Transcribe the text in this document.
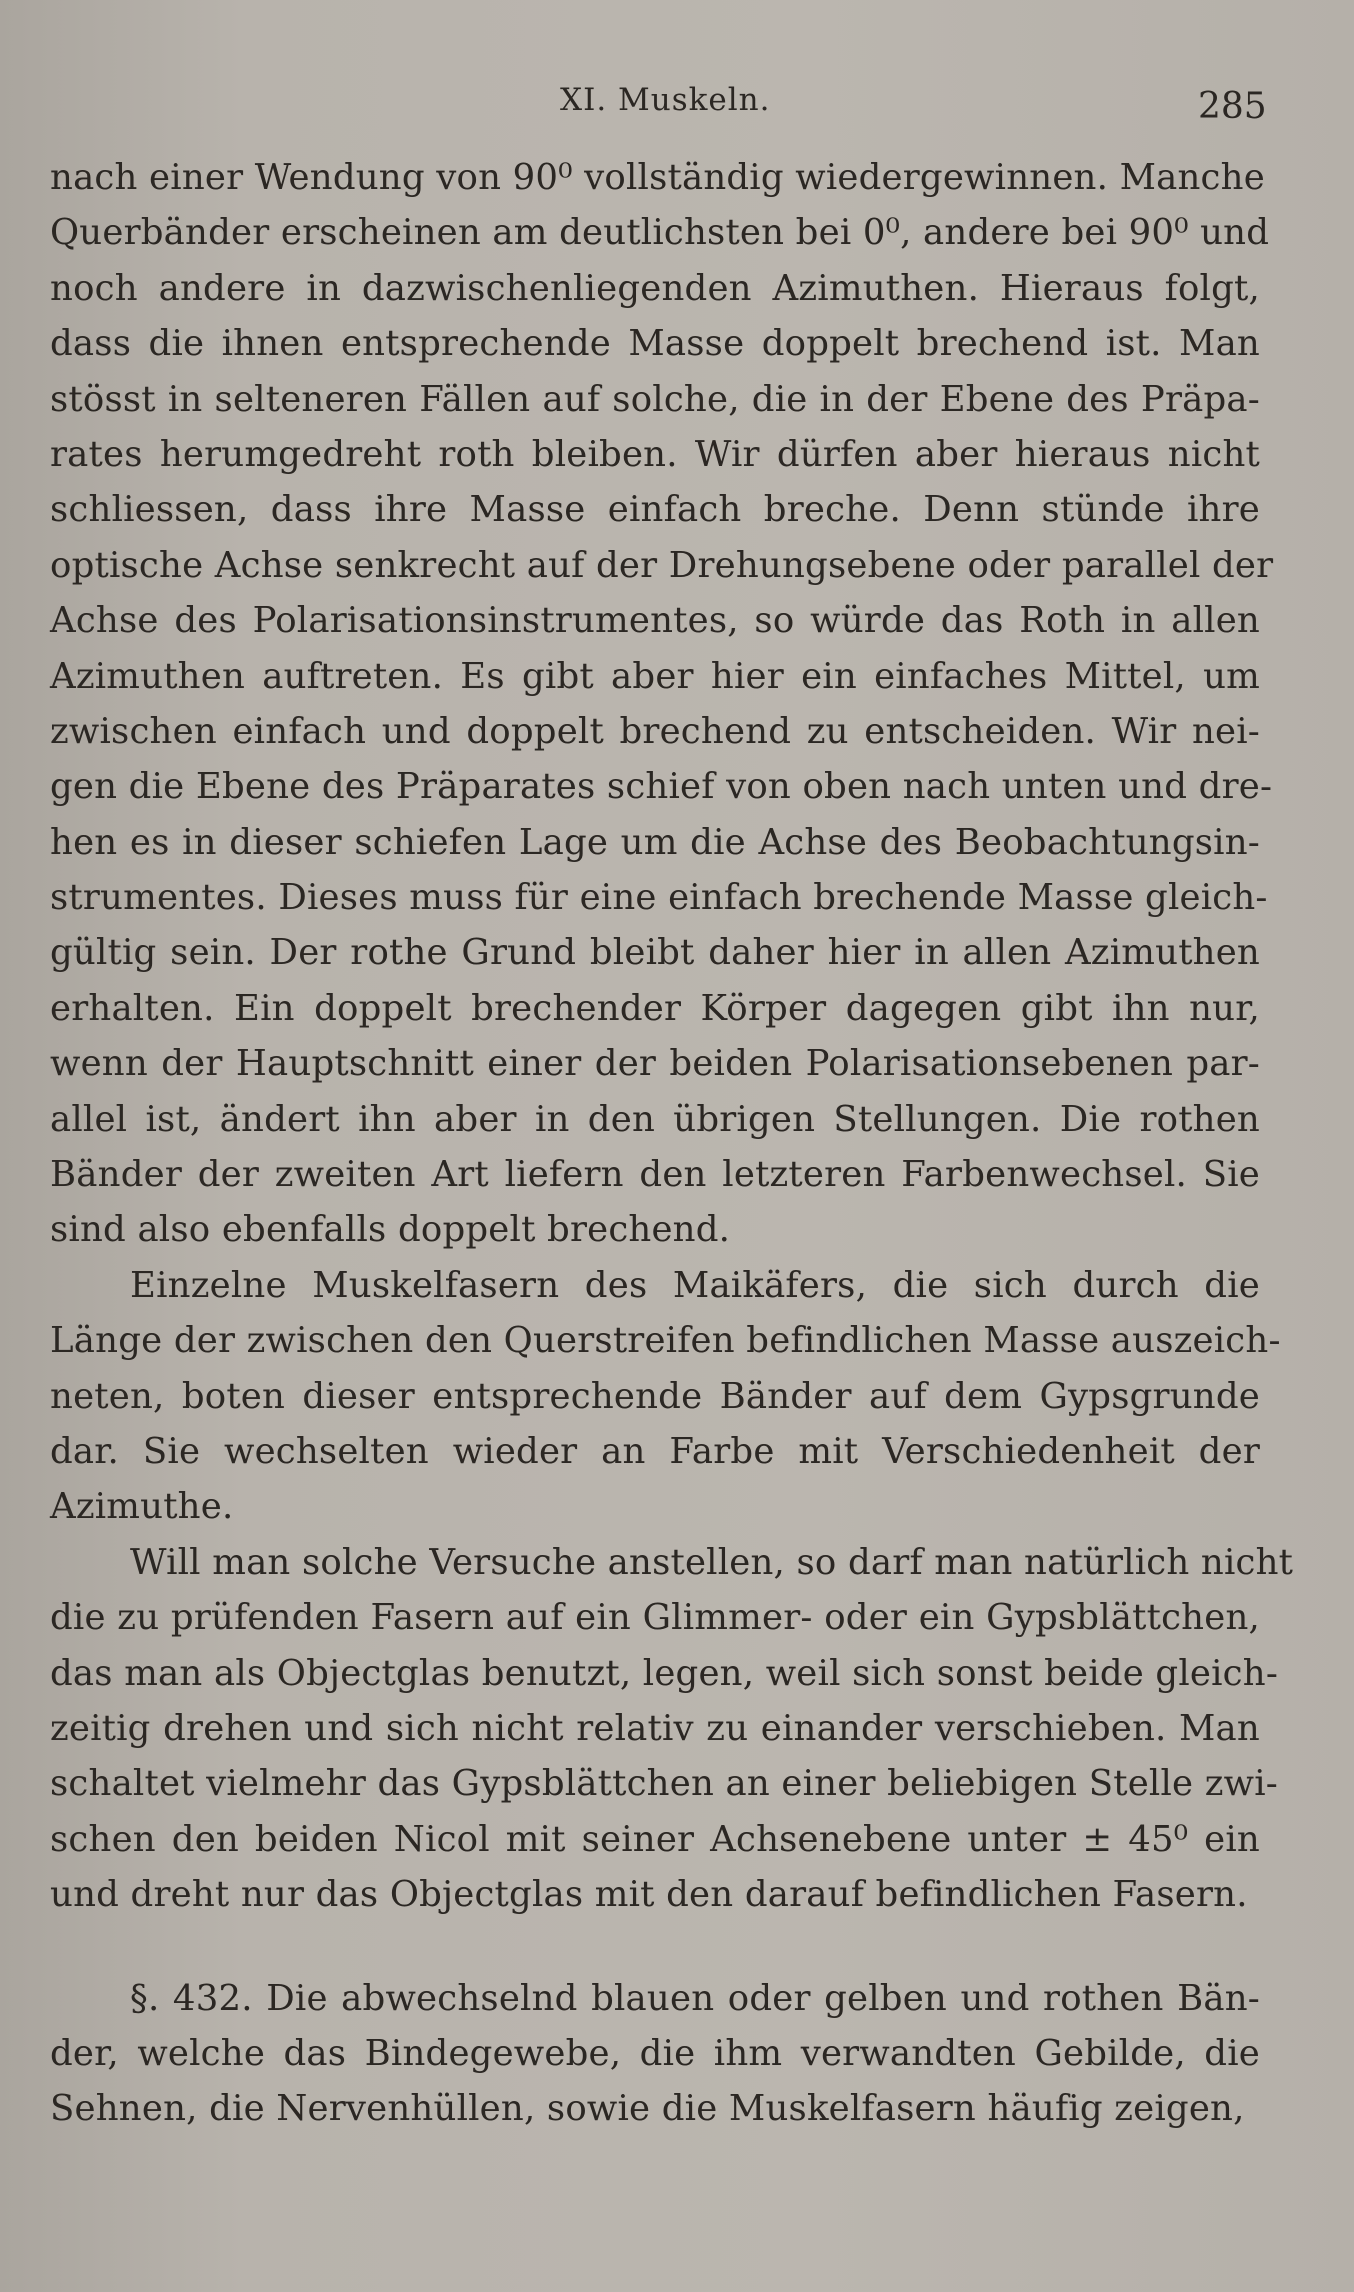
XI. Muskeln.	285
nach einer Wendung von 90⁰ vollständig wiedergewinnen. Manche
Querbänder erscheinen am deutlichsten bei 0⁰, andere bei 90⁰ und
noch andere in dazwischenliegenden Azimuthen. Hieraus folgt,
dass die ihnen entsprechende Masse doppelt brechend ist. Man
stösst in selteneren Fällen auf solche, die in der Ebene des Präpa-
rates herumgedreht roth bleiben. Wir dürfen aber hieraus nicht
schliessen, dass ihre Masse einfach breche. Denn stünde ihre
optische Achse senkrecht auf der Drehungsebene oder parallel der
Achse des Polarisationsinstrumentes, so würde das Roth in allen
Azimuthen auftreten. Es gibt aber hier ein einfaches Mittel, um
zwischen einfach und doppelt brechend zu entscheiden. Wir nei-
gen die Ebene des Präparates schief von oben nach unten und dre-
hen es in dieser schiefen Lage um die Achse des Beobachtungsin-
strumentes. Dieses muss für eine einfach brechende Masse gleich-
gültig sein. Der rothe Grund bleibt daher hier in allen Azimuthen
erhalten. Ein doppelt brechender Körper dagegen gibt ihn nur,
wenn der Hauptschnitt einer der beiden Polarisationsebenen par-
allel ist, ändert ihn aber in den übrigen Stellungen. Die rothen
Bänder der zweiten Art liefern den letzteren Farbenwechsel. Sie
sind also ebenfalls doppelt brechend.
Einzelne Muskelfasern des Maikäfers, die sich durch die
Länge der zwischen den Querstreifen befindlichen Masse auszeich-
neten, boten dieser entsprechende Bänder auf dem Gypsgrunde
dar. Sie wechselten wieder an Farbe mit Verschiedenheit der
Azimuthe.
Will man solche Versuche anstellen, so darf man natürlich nicht
die zu prüfenden Fasern auf ein Glimmer- oder ein Gypsblättchen,
das man als Objectglas benutzt, legen, weil sich sonst beide gleich-
zeitig drehen und sich nicht relativ zu einander verschieben. Man
schaltet vielmehr das Gypsblättchen an einer beliebigen Stelle zwi-
schen den beiden Nicol mit seiner Achsenebene unter ± 45⁰ ein
und dreht nur das Objectglas mit den darauf befindlichen Fasern.
§. 432. Die abwechselnd blauen oder gelben und rothen Bän-
der, welche das Bindegewebe, die ihm verwandten Gebilde, die
Sehnen, die Nervenhüllen, sowie die Muskelfasern häufig zeigen,
